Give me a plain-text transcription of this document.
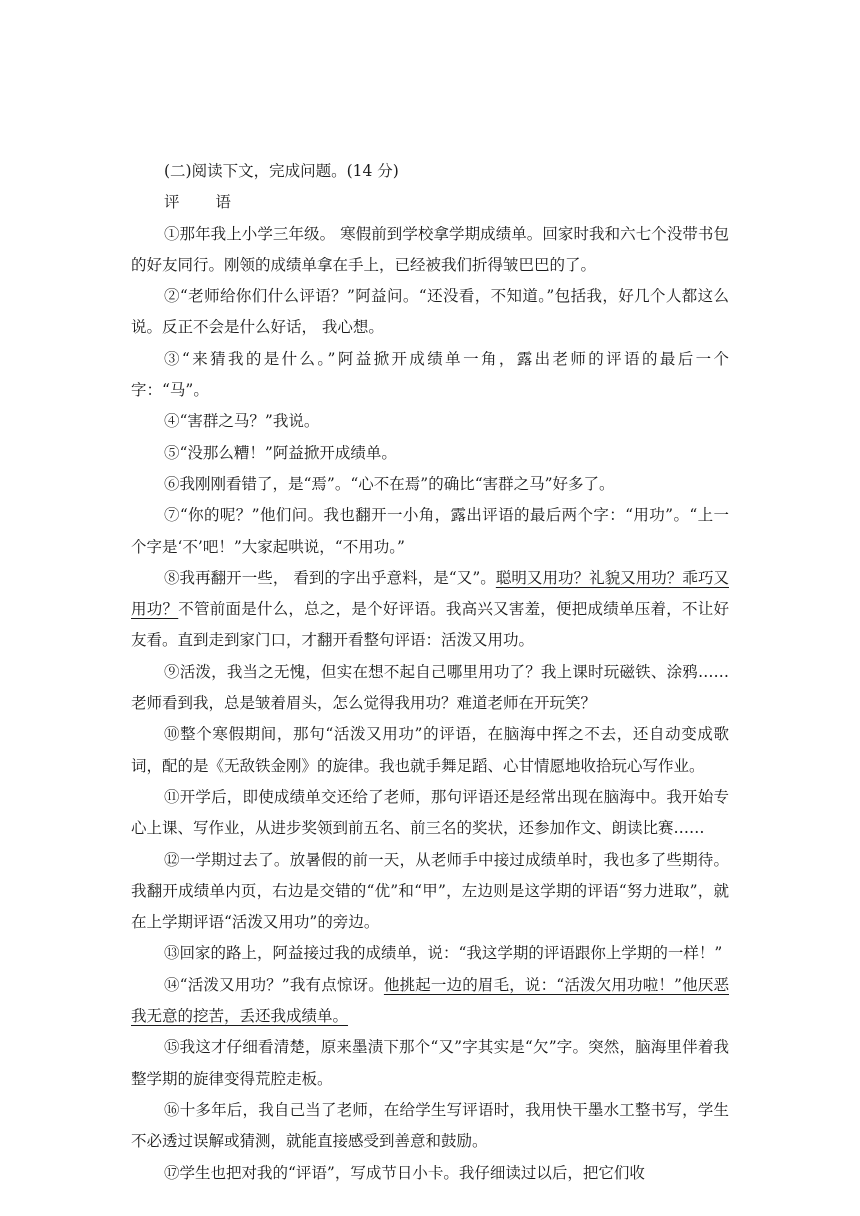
(二)阅读下文，完成问题。(14 分)

评 语

①那年我上小学三年级。 寒假前到学校拿学期成绩单。回家时我和六七个没带书包的好友同行。刚领的成绩单拿在手上，已经被我们折得皱巴巴的了。

②“老师给你们什么评语？”阿益问。“还没看，不知道。”包括我，好几个人都这么说。反正不会是什么好话， 我心想。

③“来猜我的是什么。”阿益掀开成绩单一角，露出老师的评语的最后一个字：“马”。

④“害群之马？”我说。

⑤“没那么糟！”阿益掀开成绩单。

⑥我刚刚看错了，是“焉”。“心不在焉”的确比“害群之马”好多了。

⑦“你的呢？”他们问。我也翻开一小角，露出评语的最后两个字：“用功”。“上一个字是‘不’吧！”大家起哄说，“不用功。”

⑧我再翻开一些， 看到的字出乎意料，是“又”。聪明又用功？礼貌又用功？乖巧又用功？不管前面是什么，总之，是个好评语。我高兴又害羞，便把成绩单压着，不让好友看。直到走到家门口，才翻开看整句评语：活泼又用功。

⑨活泼，我当之无愧，但实在想不起自己哪里用功了？我上课时玩磁铁、涂鸦……老师看到我，总是皱着眉头，怎么觉得我用功？难道老师在开玩笑？

⑩整个寒假期间，那句“活泼又用功”的评语，在脑海中挥之不去，还自动变成歌词，配的是《无敌铁金刚》的旋律。我也就手舞足蹈、心甘情愿地收拾玩心写作业。

⑪开学后，即使成绩单交还给了老师，那句评语还是经常出现在脑海中。我开始专心上课、写作业，从进步奖领到前五名、前三名的奖状，还参加作文、朗读比赛……

⑫一学期过去了。放暑假的前一天，从老师手中接过成绩单时，我也多了些期待。我翻开成绩单内页，右边是交错的“优”和“甲”，左边则是这学期的评语“努力进取”，就在上学期评语“活泼又用功”的旁边。

⑬回家的路上，阿益接过我的成绩单，说：“我这学期的评语跟你上学期的一样！”

⑭“活泼又用功？”我有点惊讶。他挑起一边的眉毛，说：“活泼欠用功啦！”他厌恶我无意的挖苦，丢还我成绩单。

⑮我这才仔细看清楚，原来墨渍下那个“又”字其实是“欠”字。突然，脑海里伴着我整学期的旋律变得荒腔走板。

⑯十多年后，我自己当了老师，在给学生写评语时，我用快干墨水工整书写，学生不必透过误解或猜测，就能直接感受到善意和鼓励。

⑰学生也把对我的“评语”，写成节日小卡。我仔细读过以后，把它们收
